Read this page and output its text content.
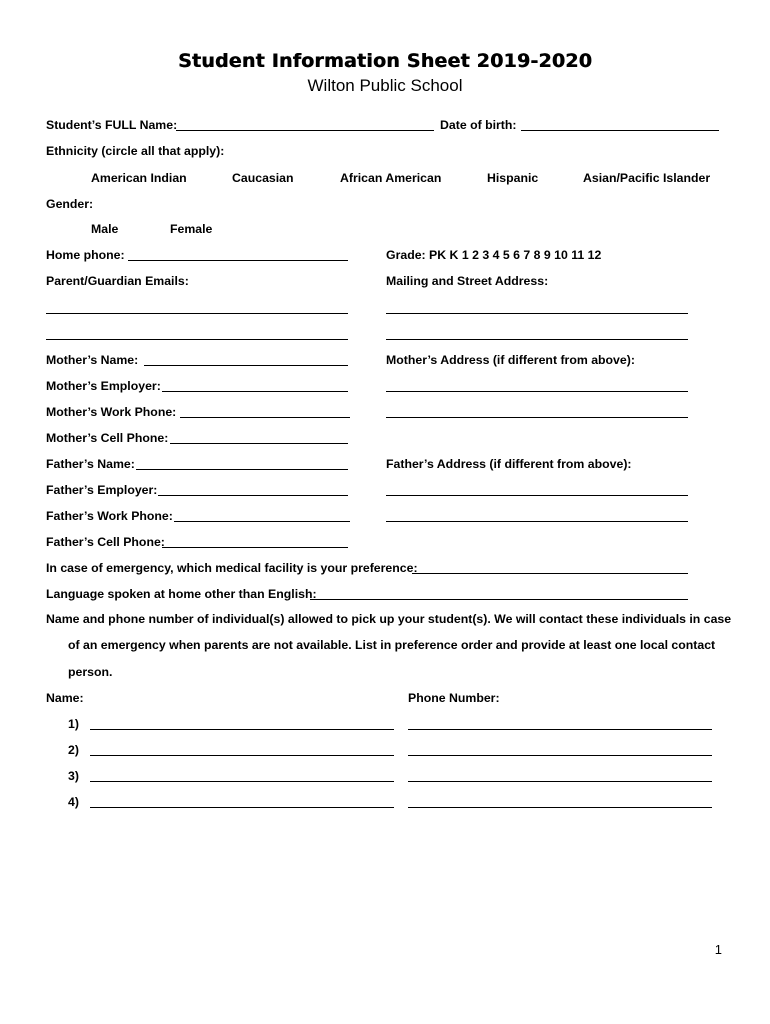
Student Information Sheet 2019-2020
Wilton Public School
Student’s FULL Name:	Date of birth:
Ethnicity (circle all that apply):
American Indian	Caucasian	African American	Hispanic	Asian/Pacific Islander
Gender:
Male	Female
Home phone:	Grade: PK K 1 2 3 4 5 6 7 8 9 10 11 12
Parent/Guardian Emails:	Mailing and Street Address:
Mother’s Name:	Mother’s Address (if different from above):
Mother’s Employer:
Mother’s Work Phone:
Mother’s Cell Phone:
Father’s Name:	Father’s Address (if different from above):
Father’s Employer:
Father’s Work Phone:
Father’s Cell Phone:
In case of emergency, which medical facility is your preference:
Language spoken at home other than English:
Name and phone number of individual(s) allowed to pick up your student(s). We will contact these individuals in case
of an emergency when parents are not available. List in preference order and provide at least one local contact
person.
Name:	Phone Number:
1)
2)
3)
4)
1
